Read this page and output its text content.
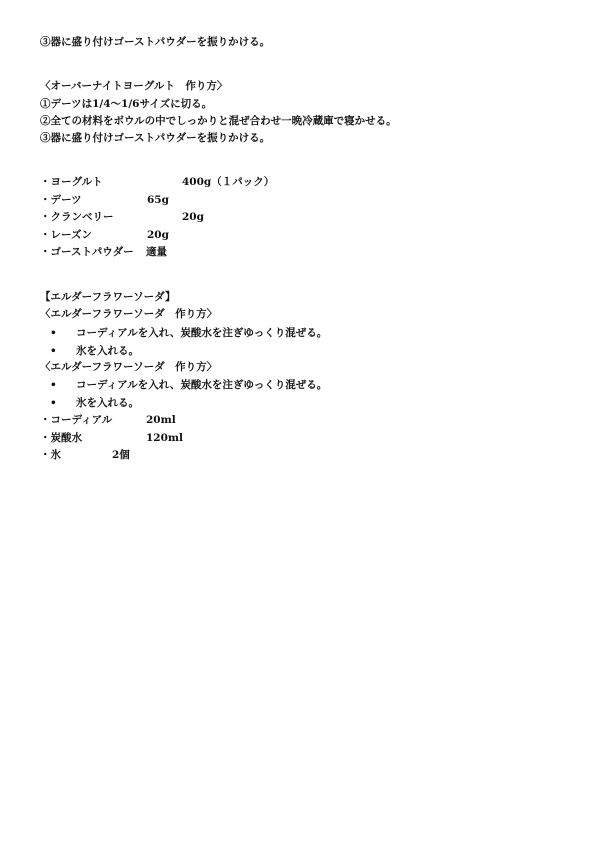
③器に盛り付けゴーストパウダーを振りかける。
〈オーバーナイトヨーグルト　作り方〉
①デーツは1/4〜1/6サイズに切る。
②全ての材料をボウルの中でしっかりと混ぜ合わせ一晩冷蔵庫で寝かせる。
③器に盛り付けゴーストパウダーを振りかける。
・ヨーグルト	400g（１パック）
・デーツ	65g
・クランベリー	20g
・レーズン	20g
・ゴーストパウダー 適量
【エルダーフラワーソーダ】
〈エルダーフラワーソーダ　作り方〉
• コーディアルを入れ、炭酸水を注ぎゆっくり混ぜる。
• 氷を入れる。
〈エルダーフラワーソーダ　作り方〉
• コーディアルを入れ、炭酸水を注ぎゆっくり混ぜる。
• 氷を入れる。
・コーディアル	20ml
・炭酸水	120ml
・氷	2個
